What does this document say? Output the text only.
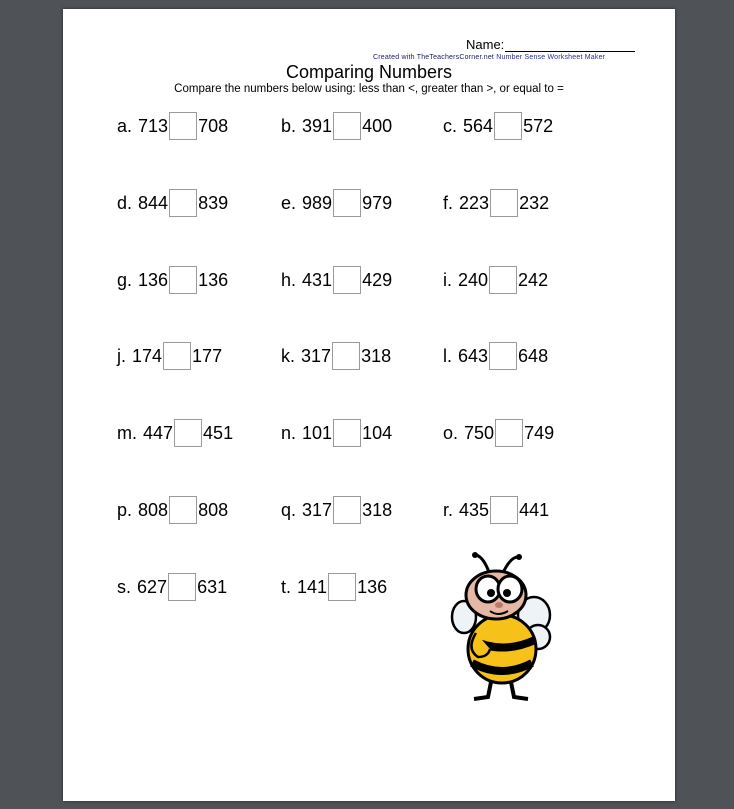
Name:
Created with TheTeachersCorner.net Number Sense Worksheet Maker
Comparing Numbers
Compare the numbers below using: less than <, greater than >, or equal to =
a. 713 708	b. 391 400	c. 564 572
d. 844 839	e. 989 979	f. 223 232
g. 136 136	h. 431 429	i. 240 242
j. 174 177	k. 317 318	l. 643 648
m. 447 451	n. 101 104	o. 750 749
p. 808 808	q. 317 318	r. 435 441
s. 627 631	t. 141 136
